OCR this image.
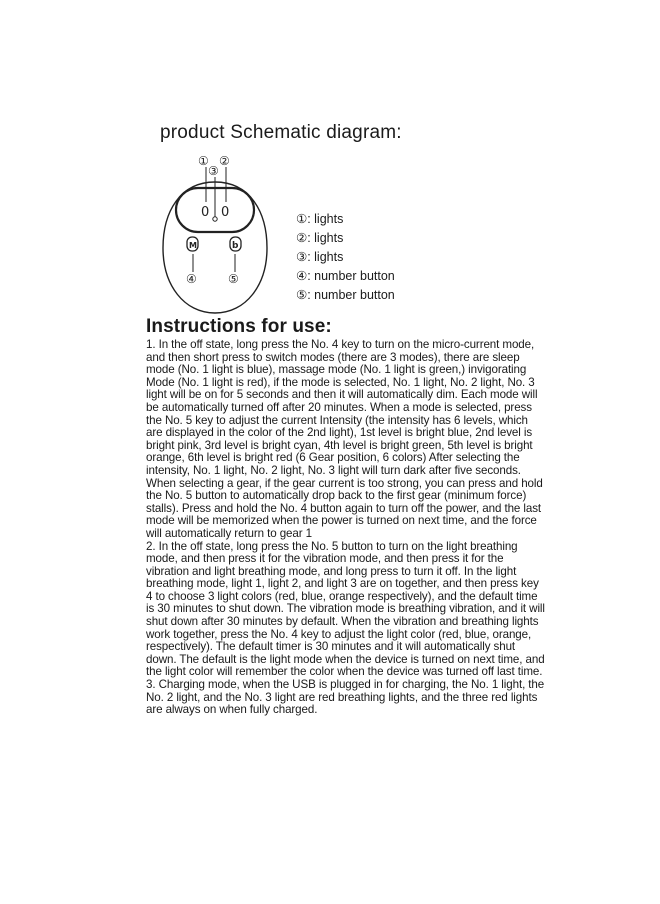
product Schematic diagram:
① ②
③
④	⑤
0 0
M	b
①: lights
②: lights
③: lights
④: number button
⑤: number button
Instructions for use:

1. In the off state, long press the No. 4 key to turn on the micro-current mode, and then short press to switch modes (there are 3 modes), there are sleep mode (No. 1 light is blue), massage mode (No. 1 light is green,) invigorating Mode (No. 1 light is red), if the mode is selected, No. 1 light, No. 2 light, No. 3 light will be on for 5 seconds and then it will automatically dim. Each mode will be automatically turned off after 20 minutes. When a mode is selected, press the No. 5 key to adjust the current Intensity (the intensity has 6 levels, which are displayed in the color of the 2nd light), 1st level is bright blue, 2nd level is bright pink, 3rd level is bright cyan, 4th level is bright green, 5th level is bright orange, 6th level is bright red (6 Gear position, 6 colors) After selecting the intensity, No. 1 light, No. 2 light, No. 3 light will turn dark after five seconds. When selecting a gear, if the gear current is too strong, you can press and hold the No. 5 button to automatically drop back to the first gear (minimum force) stalls). Press and hold the No. 4 button again to turn off the power, and the last mode will be memorized when the power is turned on next time, and the force will automatically return to gear 1

2. In the off state, long press the No. 5 button to turn on the light breathing mode, and then press it for the vibration mode, and then press it for the vibration and light breathing mode, and long press to turn it off. In the light breathing mode, light 1, light 2, and light 3 are on together, and then press key 4 to choose 3 light colors (red, blue, orange respectively), and the default time is 30 minutes to shut down. The vibration mode is breathing vibration, and it will shut down after 30 minutes by default. When the vibration and breathing lights work together, press the No. 4 key to adjust the light color (red, blue, orange, respectively). The default timer is 30 minutes and it will automatically shut down. The default is the light mode when the device is turned on next time, and the light color will remember the color when the device was turned off last time.

3. Charging mode, when the USB is plugged in for charging, the No. 1 light, the No. 2 light, and the No. 3 light are red breathing lights, and the three red lights are always on when fully charged.
